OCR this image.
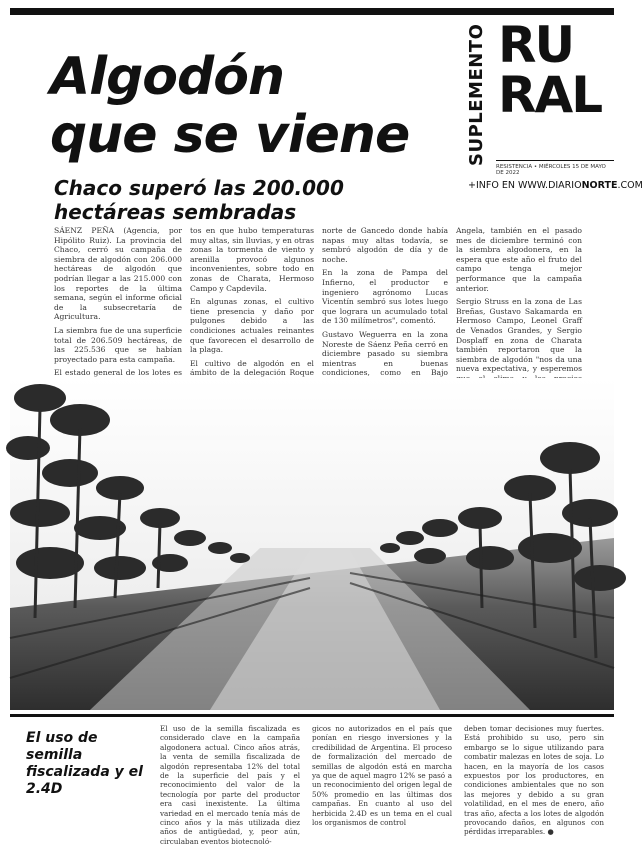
SUPLEMENTO RU
RAL
RESISTENCIA • MIÉRCOLES 15 DE MAYO DE 2022
+INFO EN WWW.DIARIONORTE.COM
Algodón
que se viene
Chaco superó las 200.000 hectáreas sembradas

SÁENZ PEÑA (Agencia, por Hipólito Ruiz). La provincia del Chaco, cerró su campaña de siembra de algodón con 206.000 hectáreas de algodón que podrían llegar a las 215.000 con los reportes de la última semana, según el informe oficial de la subsecretaría de Agricultura.

La siembra fue de una superficie total de 206.509 hectáreas, de las 225.536 que se habían proyectado para esta campaña.

El estado general de los lotes es

tos en que hubo temperaturas muy altas, sin lluvias, y en otras zonas la tormenta de viento y arenilla provocó algunos inconvenientes, sobre todo en zonas de Charata, Hermoso Campo y Capdevila.

En algunas zonas, el cultivo tiene presencia y daño por pulgones debido a las condiciones actuales reinantes que favorecen el desarrollo de la plaga.

El cultivo de algodón en el ámbito de la delegación Roque

norte de Gancedo donde había napas muy altas todavía, se sembró algodón de día y de noche.

En la zona de Pampa del Infierno, el productor e ingeniero agrónomo Lucas Vicentín sembró sus lotes luego que lograra un acumulado total de 130 milímetros", comentó.

Gustavo Weguerra en la zona Noreste de Sáenz Peña cerró en diciembre pasado su siembra mientras en buenas condiciones, como en Bajo

Angela, también en el pasado mes de diciembre terminó con la siembra algodonera, en la espera que este año el fruto del campo tenga mejor performance que la campaña anterior.

Sergio Struss en la zona de Las Breñas, Gustavo Sakamarda en Hermoso Campo, Leonel Graff de Venados Grandes, y Sergio Dosplaff en zona de Charata también reportaron que la siembra de algodón "nos da una nueva expectativa, y esperemos

El uso de semilla fiscalizada y el 2.4D
El uso de la semilla fiscalizada es considerado clave en la campaña algodonera actual. Cinco años atrás, la venta de semilla fiscalizada de algodón representaba 12% del total de la superficie del país y el reconocimiento del valor de la tecnología por parte del productor era casi inexistente. La última variedad en el mercado tenía más de cinco años y la más utilizada diez años de antigüedad, y, peor aún, circulaban eventos biotecnoló-
gicos no autorizados en el país que ponían en riesgo inversiones y la credibilidad de Argentina. El proceso de formalización del mercado de semillas de algodón está en marcha ya que de aquel magro 12% se pasó a un reconocimiento del origen legal de 50% promedio en las últimas dos campañas. En cuanto al uso del herbicida 2.4D es un tema en el cual los organismos de control
deben tomar decisiones muy fuertes. Está prohibido su uso, pero sin embargo se lo sigue utilizando para combatir malezas en lotes de soja. Lo hacen, en la mayoría de los casos expuestos por los productores, en condiciones ambientales que no son las mejores y debido a su gran volatilidad, en el mes de enero, año tras año, afecta a los lotes de algodón provocando daños, en algunos con pérdidas irreparables. ●
